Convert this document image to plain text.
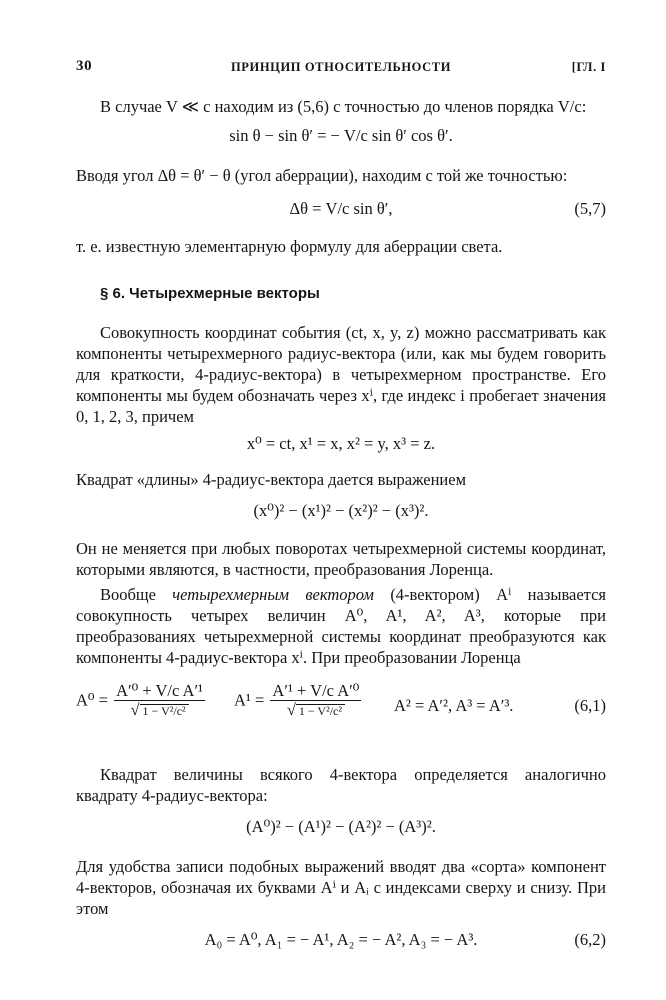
30	ПРИНЦИП ОТНОСИТЕЛЬНОСТИ	[ГЛ. I

В случае V ≪ c находим из (5,6) с точностью до членов порядка V/c:

sin θ − sin θ′ = − V/c sin θ′ cos θ′.

Вводя угол Δθ = θ′ − θ (угол аберрации), находим с той же точностью:

Δθ = V/c sin θ′,	(5,7)

т. е. известную элементарную формулу для аберрации света.

§ 6. Четырехмерные векторы

Совокупность координат события (ct, x, y, z) можно рассматривать как компоненты четырехмерного радиус-вектора (или, как мы будем говорить для краткости, 4-радиус-вектора) в четырехмерном пространстве. Его компоненты мы будем обозначать через xⁱ, где индекс i пробегает значения 0, 1, 2, 3, причем

x⁰ = ct, x¹ = x, x² = y, x³ = z.

Квадрат «длины» 4-радиус-вектора дается выражением

(x⁰)² − (x¹)² − (x²)² − (x³)².

Он не меняется при любых поворотах четырехмерной системы координат, которыми являются, в частности, преобразования Лоренца.

Вообще четырехмерным вектором (4-вектором) Aⁱ называется совокупность четырех величин A⁰, A¹, A², A³, которые при преобразованиях четырехмерной системы координат преобразуются как компоненты 4-радиус-вектора xⁱ. При преобразовании Лоренца

$A^0 = \frac{\text{A′⁰ + V/c A′¹}}{\text{√ 1 − V²/c²}} A^1 = \frac{\text{A′¹ + V/c A′⁰}}{\text{√ 1 − V²/c²}} A^2 = A'^2$, A³ = A′³.	(6,1)

Квадрат величины всякого 4-вектора определяется аналогично квадрату 4-радиус-вектора:

(A⁰)² − (A¹)² − (A²)² − (A³)².

Для удобства записи подобных выражений вводят два «сорта» компонент 4-векторов, обозначая их буквами Aⁱ и Aᵢ с индексами сверху и снизу. При этом

A₀ = A⁰, A₁ = − A¹, A₂ = − A², A₃ = − A³.	(6,2)
